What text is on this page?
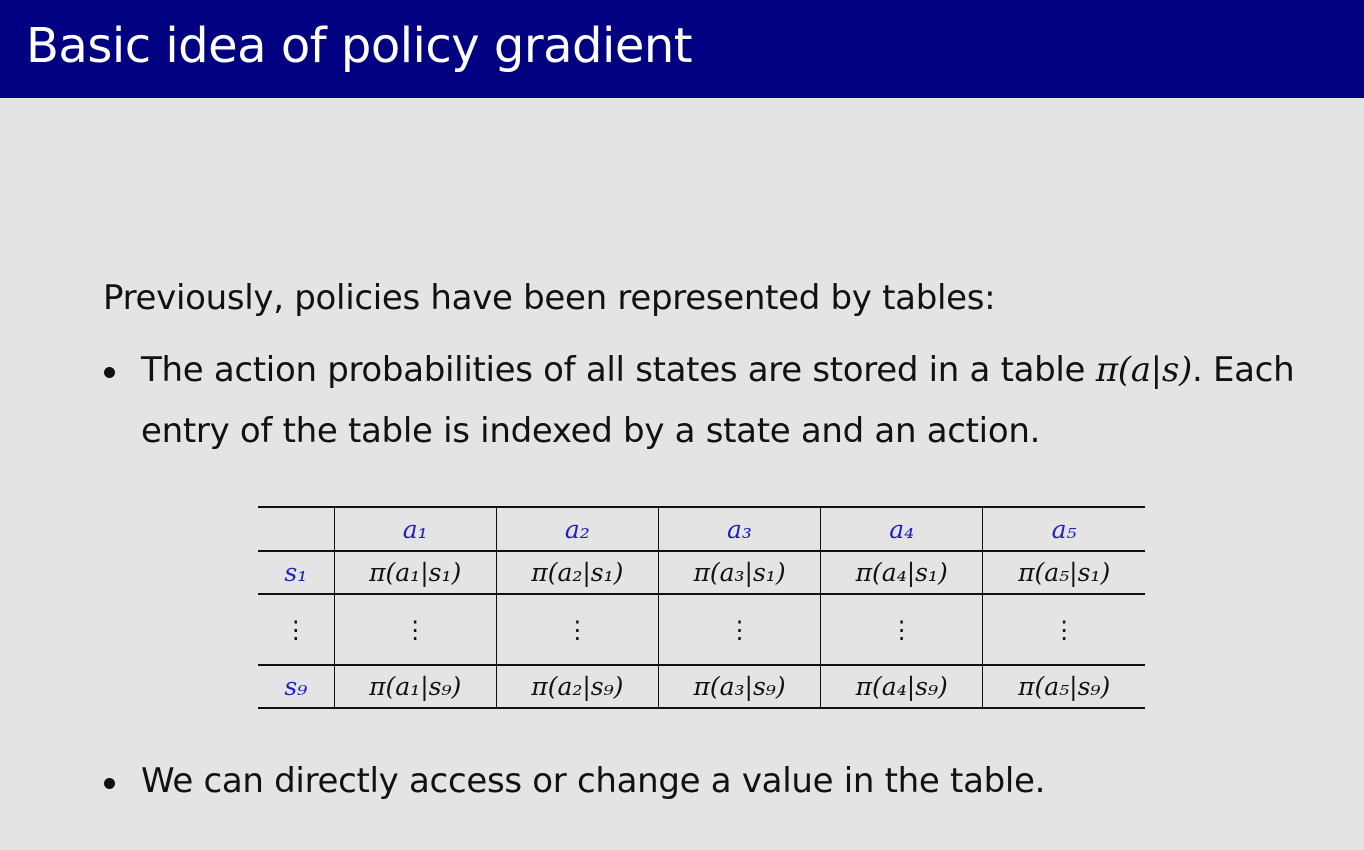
Basic idea of policy gradient
Previously, policies have been represented by tables:
The action probabilities of all states are stored in a table π(a|s). Each
entry of the table is indexed by a state and an action.
	a₁	a₂	a₃	a₄	a₅
s₁	π(a₁|s₁)	π(a₂|s₁)	π(a₃|s₁)	π(a₄|s₁)	π(a₅|s₁)
⋮	⋮	⋮	⋮	⋮	⋮
s₉	π(a₁|s₉)	π(a₂|s₉)	π(a₃|s₉)	π(a₄|s₉)	π(a₅|s₉)
We can directly access or change a value in the table.
